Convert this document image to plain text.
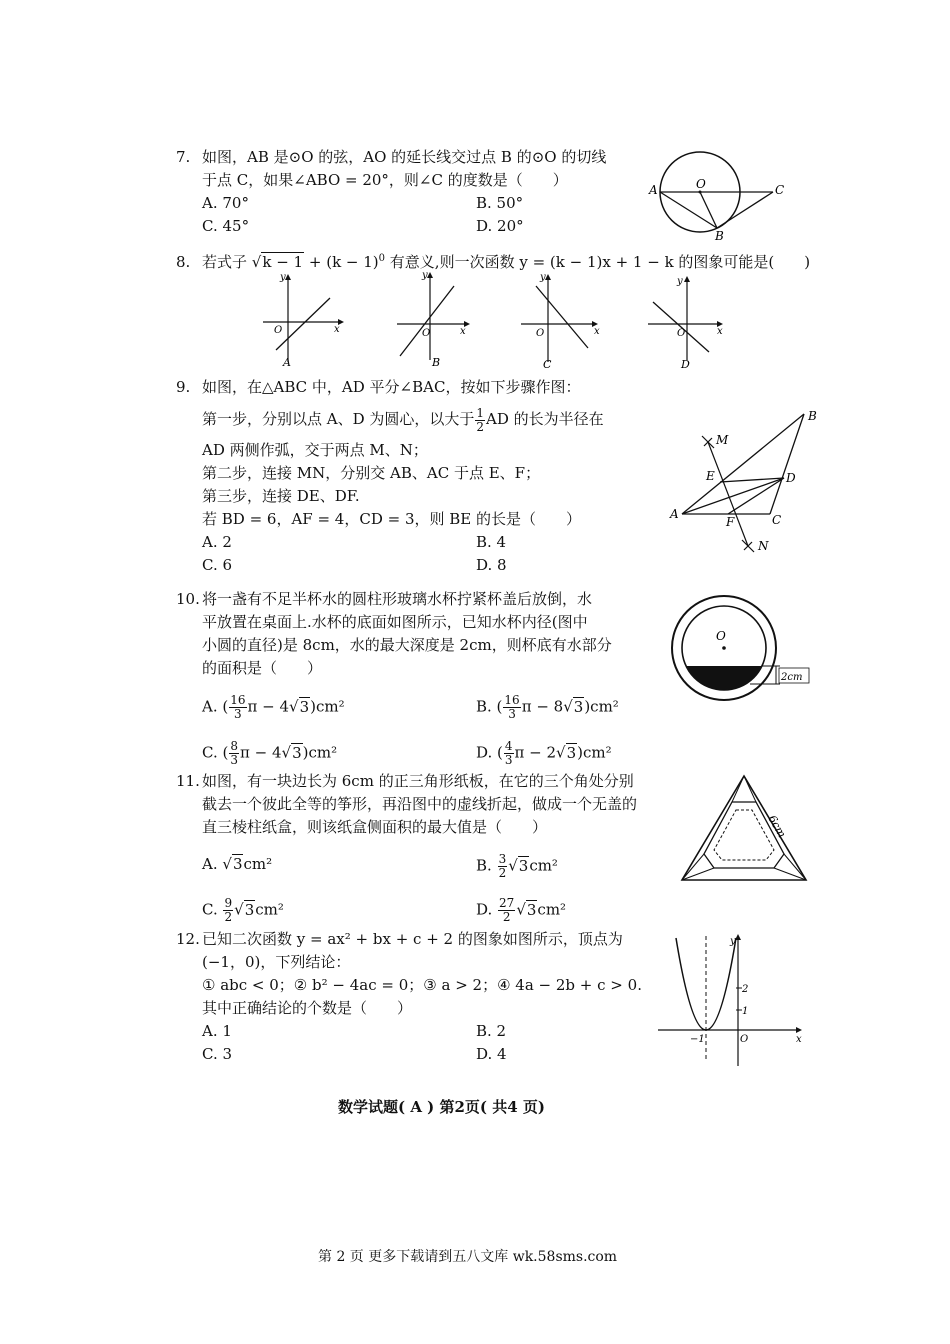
7. 如图，AB 是⊙O 的弦，AO 的延长线交过点 B 的⊙O 的切线
于点 C，如果∠ABO = 20°，则∠C 的度数是（　　）
A. 70°	B. 50°
C. 45°	D. 20°
A	O	C
B
8. 若式子 $√k - 1 + (k - 1)^0$ 有意义,则一次函数 y = (k − 1)x + 1 − k 的图象可能是(　　)
y
x
O
A
y
x
O
B
y
x
O
C
y
x
O
D
9. 如图，在△ABC 中，AD 平分∠BAC，按如下步骤作图：
第一步，分别以点 A、D 为圆心，以大于 $\frac{1}{2}$ AD 的长为半径在
AD 两侧作弧，交于两点 M、N；
第二步，连接 MN，分别交 AB、AC 于点 E、F；
第三步，连接 DE、DF.
若 BD = 6，AF = 4，CD = 3，则 BE 的长是（　　）
A. 2	B. 4
C. 6	D. 8
B
M
E	D
A
F	C
N
10. 将一盏有不足半杯水的圆柱形玻璃水杯拧紧杯盖后放倒，水
平放置在桌面上.水杯的底面如图所示，已知水杯内径(图中
小圆的直径)是 8cm，水的最大深度是 2cm，则杯底有水部分
的面积是（　　）
A. ( $\frac{16}{3}$ π − 4√3)cm²	B. ( $\frac{16}{3}$ π − 8√3)cm²
C. ( $\frac{8}{3}$ π − 4√3)cm²	D. ( $\frac{4}{3}$ π − 2√3)cm²
O
2cm
11. 如图，有一块边长为 6cm 的正三角形纸板，在它的三个角处分别
截去一个彼此全等的筝形，再沿图中的虚线折起，做成一个无盖的
直三棱柱纸盒，则该纸盒侧面积的最大值是（　　）
A. √3cm²	B. $\frac{3}{2} √3cm^2$
C. $\frac{9}{2} √3cm^2$	D. $\frac{27}{2} √3cm^2$
6cm
12. 已知二次函数 y = ax² + bx + c + 2 的图象如图所示，顶点为
(−1，0)，下列结论：
① abc < 0；② b² − 4ac = 0；③ a > 2；④ 4a − 2b + c > 0.
其中正确结论的个数是（　　）
A. 1	B. 2
C. 3	D. 4
y
x
O
−1
2
1
数学试题( A ) 第2页( 共4 页)
第 2 页 更多下载请到五八文库 wk.58sms.com
